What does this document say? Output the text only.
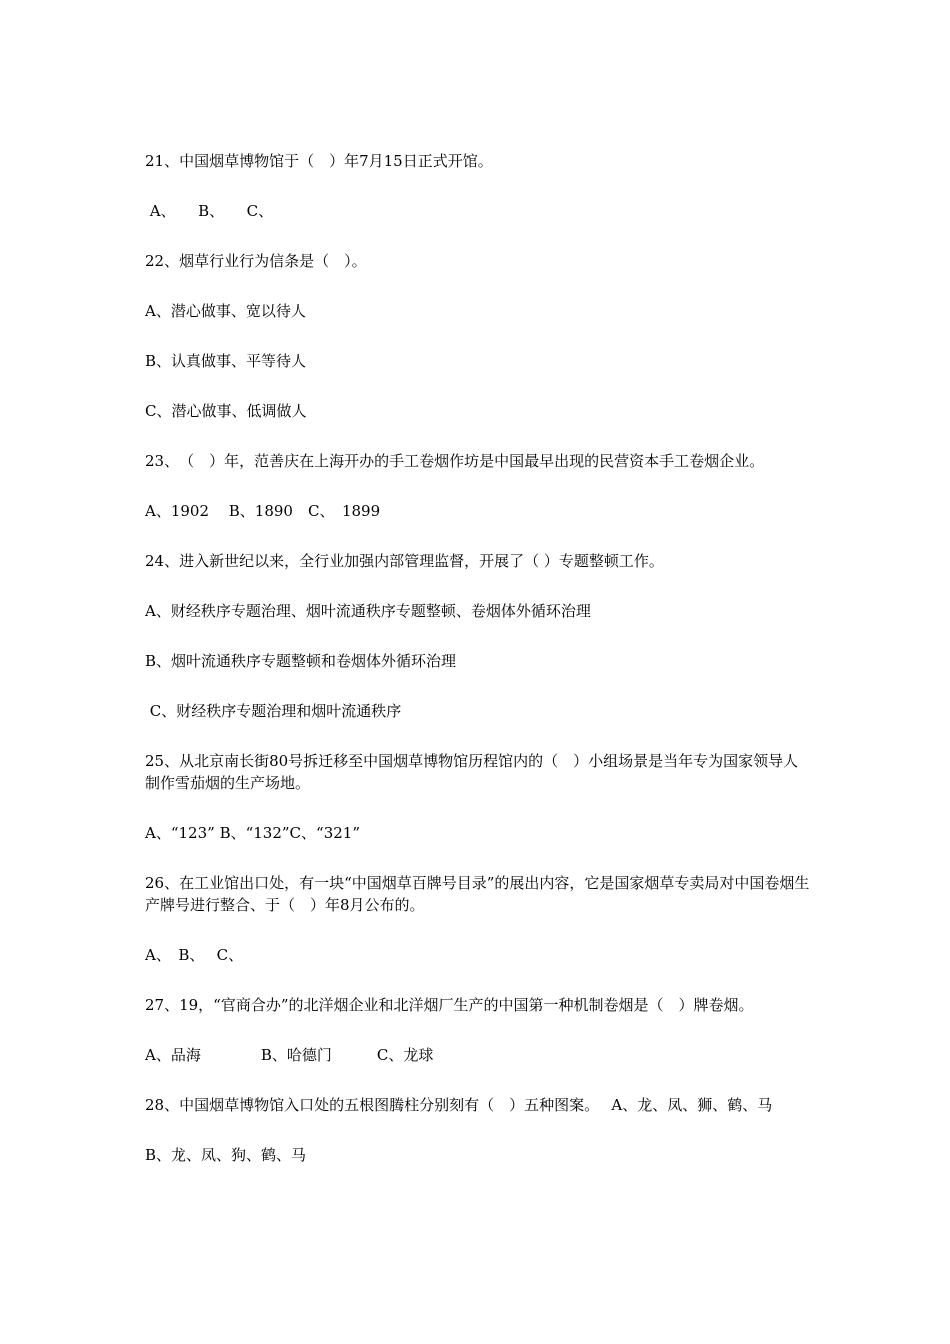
21、中国烟草博物馆于（　）年7月15日正式开馆。
A、　　B、　　C、
22、烟草行业行为信条是（　）。
A、潜心做事、宽以待人
B、认真做事、平等待人
C、潜心做事、低调做人
23、　（　）年，范善庆在上海开办的手工卷烟作坊是中国最早出现的民营资本手工卷烟企业。
A、1902　 B、1890　C、　1899
24、进入新世纪以来，全行业加强内部管理监督，开展了（ ）专题整顿工作。
A、财经秩序专题治理、烟叶流通秩序专题整顿、卷烟体外循环治理
B、烟叶流通秩序专题整顿和卷烟体外循环治理
C、财经秩序专题治理和烟叶流通秩序
25、从北京南长街80号拆迁移至中国烟草博物馆历程馆内的（　）小组场景是当年专为国家领导人制作雪茄烟的生产场地。
A、“123” B、“132”C、“321”
26、在工业馆出口处，有一块“中国烟草百牌号目录”的展出内容，它是国家烟草专卖局对中国卷烟生产牌号进行整合、于（　）年8月公布的。
A、　B、　 C、
27、19，“官商合办”的北洋烟企业和北洋烟厂生产的中国第一种机制卷烟是（　）牌卷烟。
A、品海　　　　B、哈德门　　　C、龙球
28、中国烟草博物馆入口处的五根图腾柱分别刻有（　）五种图案。　 A、龙、凤、狮、鹤、马
B、龙、凤、狗、鹤、马
